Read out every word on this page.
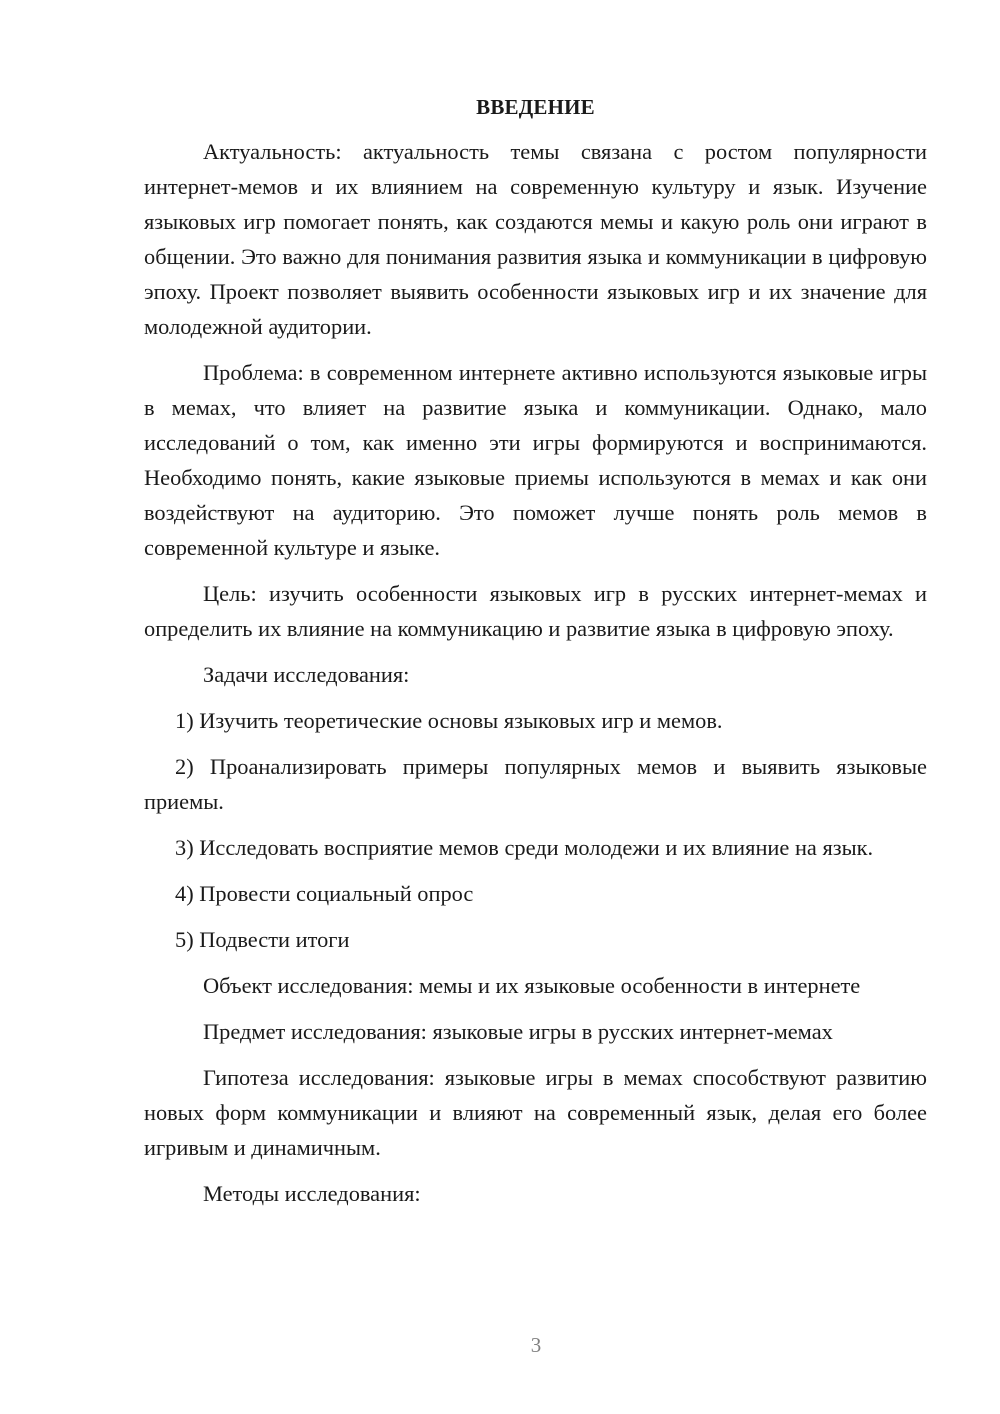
ВВЕДЕНИЕ

Актуальность: актуальность темы связана с ростом популярности интернет-мемов и их влиянием на современную культуру и язык. Изучение языковых игр помогает понять, как создаются мемы и какую роль они играют в общении. Это важно для понимания развития языка и коммуникации в цифровую эпоху. Проект позволяет выявить особенности языковых игр и их значение для молодежной аудитории.

Проблема: в современном интернете активно используются языковые игры в мемах, что влияет на развитие языка и коммуникации. Однако, мало исследований о том, как именно эти игры формируются и воспринимаются. Необходимо понять, какие языковые приемы используются в мемах и как они воздействуют на аудиторию. Это поможет лучше понять роль мемов в современной культуре и языке.

Цель: изучить особенности языковых игр в русских интернет-мемах и определить их влияние на коммуникацию и развитие языка в цифровую эпоху.

Задачи исследования:

1) Изучить теоретические основы языковых игр и мемов.

2) Проанализировать примеры популярных мемов и выявить языковые приемы.

3) Исследовать восприятие мемов среди молодежи и их влияние на язык.

4) Провести социальный опрос

5) Подвести итоги

Объект исследования: мемы и их языковые особенности в интернете

Предмет исследования: языковые игры в русских интернет-мемах

Гипотеза исследования: языковые игры в мемах способствуют развитию новых форм коммуникации и влияют на современный язык, делая его более игривым и динамичным.

Методы исследования:

3
